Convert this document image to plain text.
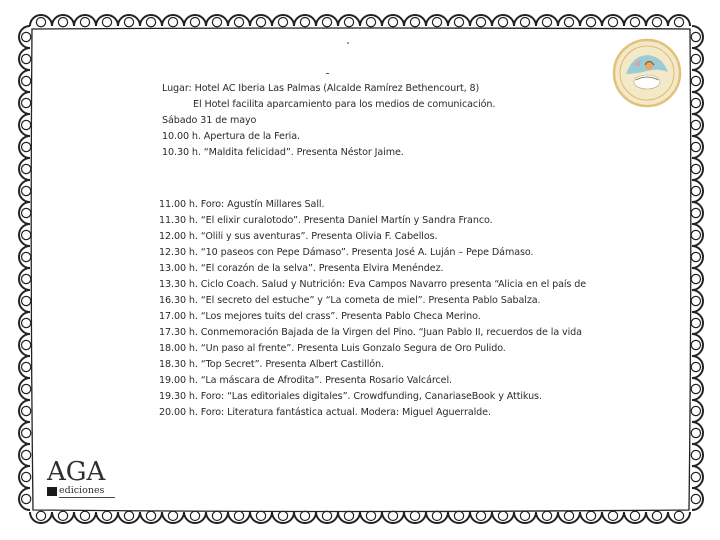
Lugar: Hotel AC Iberia Las Palmas (Alcalde Ramírez Bethencourt, 8)
El Hotel facilita aparcamiento para los medios de comunicación.
Sábado 31 de mayo
10.00 h. Apertura de la Feria.
10.30 h. “Maldita felicidad”. Presenta Néstor Jaime.
11.00 h. Foro: Agustín Millares Sall.
11.30 h. “El elixir curalotodo”. Presenta Daniel Martín y Sandra Franco.
12.00 h. “Olili y sus aventuras”. Presenta Olivia F. Cabellos.
12.30 h. “10 paseos con Pepe Dámaso”. Presenta José A. Luján – Pepe Dámaso.
13.00 h. “El corazón de la selva”. Presenta Elvira Menéndez.
13.30 h. Ciclo Coach. Salud y Nutrición: Eva Campos Navarro presenta “Alicia en el país de
16.30 h. “El secreto del estuche” y “La cometa de miel”. Presenta Pablo Sabalza.
17.00 h. “Los mejores tuits del crass”. Presenta Pablo Checa Merino.
17.30 h. Conmemoración Bajada de la Virgen del Pino. “Juan Pablo II, recuerdos de la vida
18.00 h. “Un paso al frente”. Presenta Luis Gonzalo Segura de Oro Pulido.
18.30 h. “Top Secret”. Presenta Albert Castillón.
19.00 h. “La máscara de Afrodita”. Presenta Rosario Valcárcel.
19.30 h. Foro: “Las editoriales digitales”. Crowdfunding, CanariaseBook y Attikus.
20.00 h. Foro: Literatura fantástica actual. Modera: Miguel Aguerralde.
AGA
ediciones
